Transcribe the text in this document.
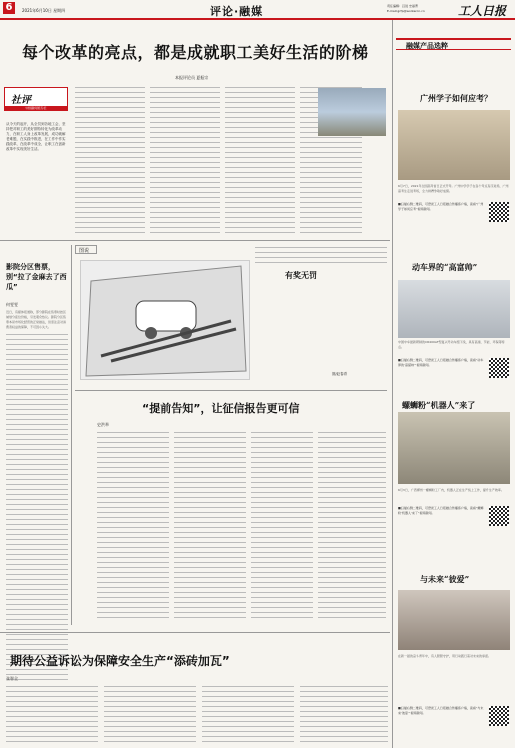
6	2021年6月10日 星期四	评论·融媒	责任编辑：吕进 史丽菁
E-mail:grfp@workercn.cn	工人日报
每个改革的亮点，都是成就职工美好生活的阶梯
本报评论员 夏振宗
社评
中国新闻奖专栏
从今天的起开，从全员到各地工会，坚持把对职工的美好期待转化为改革动力，在职工人身上改革发展，成功破解老难题，在实践中推进，在工作中作实践改革，在改革中成全，让职工在创新改革中实现美好生活。
影院分区售票，别“拉了金麻去了西瓜”
何雯雯
近日，有媒体报道称，部分影院在售票时按区域划分座位价格，引发观众热议。影院分区售票本是市场化经营的正常做法，但需注意对消费者权益的保障，不可因小失大。
图说
有奖无罚
图/赵春青
“提前告知”，让征信报告更可信
史洪举
期待公益诉讼为保障安全生产“添砖加瓦”
张智全
融媒产品选粹
广州学子如何应考？
6月7日，2021年全国高考首日正式开考。广州中学学子在各个考点有序进场，广州高考生走进考场，全力拼搏争取好成绩。
■扫描右侧二维码，可登录工人日报融合传播客户端，查看“广州学子如何应考”视频新闻。
动车界的“高富帅”
中国中车最新研制的CR400AF型复兴号动车组下线，具有高速、节能、环保等特点。
■扫描右侧二维码，可登录工人日报融合传播客户端，查看“动车界的‘高富帅’”视频新闻。
螺蛳粉“机器人”来了
6月3日，广西柳州一螺蛳粉工厂内，机器人正在生产线上工作，提升生产效率。
■扫描右侧二维码，可登录工人日报融合传播客户端，查看“螺蛳粉‘机器人’来了”视频新闻。
与未来“彼爱”
在新一届的奋斗青年中，有人默默守护，用行动践行着对未来的承诺。
■扫描右侧二维码，可登录工人日报融合传播客户端，查看“与未来‘彼爱’”视频新闻。
